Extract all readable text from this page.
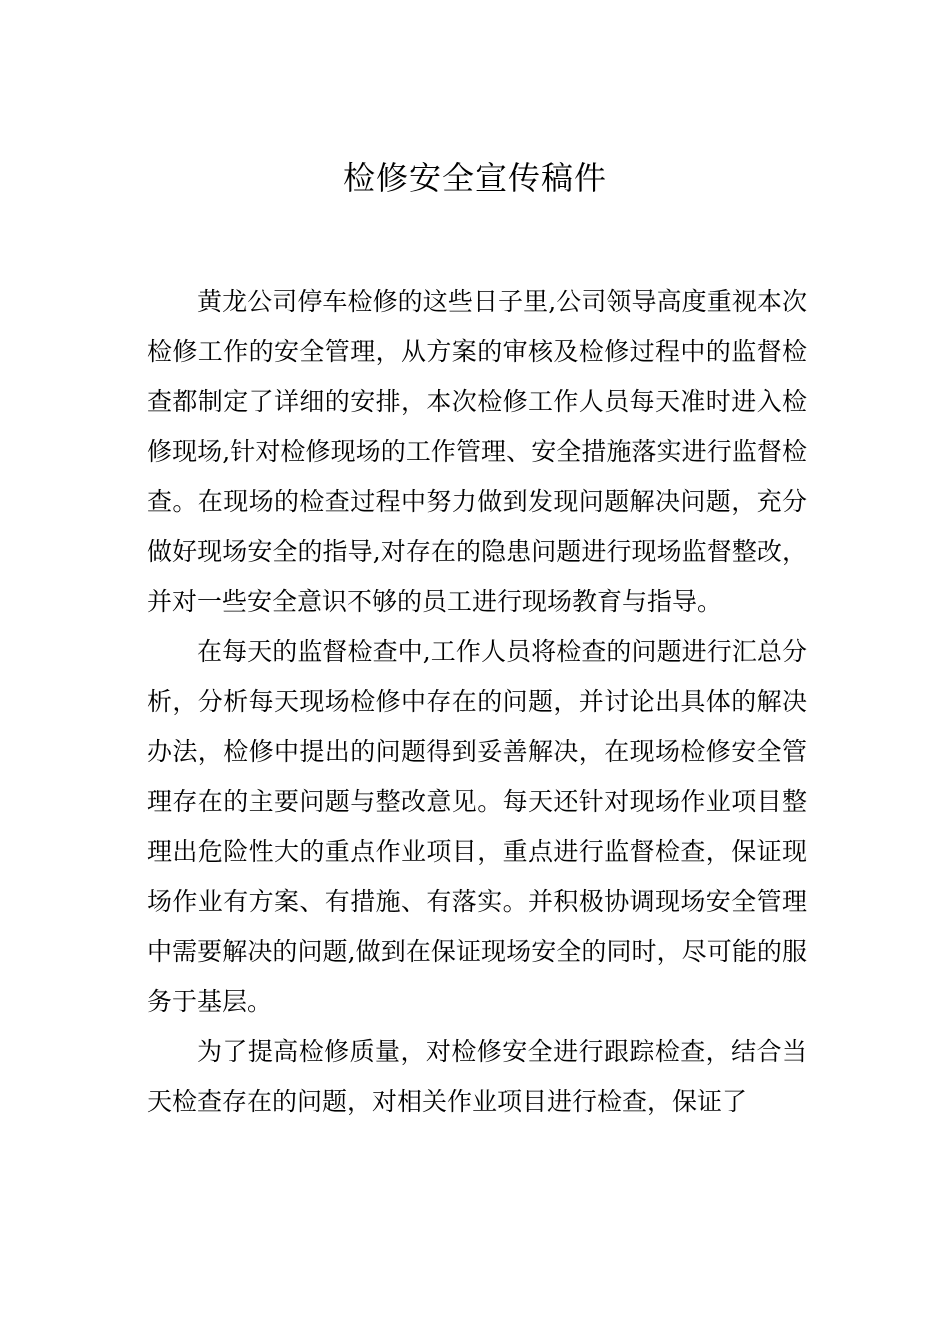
检修安全宣传稿件

黄龙公司停车检修的这些日子里,公司领导高度重视本次检修工作的安全管理，从方案的审核及检修过程中的监督检查都制定了详细的安排，本次检修工作人员每天准时进入检修现场,针对检修现场的工作管理、安全措施落实进行监督检查。在现场的检查过程中努力做到发现问题解决问题，充分做好现场安全的指导,对存在的隐患问题进行现场监督整改，并对一些安全意识不够的员工进行现场教育与指导。

在每天的监督检查中,工作人员将检查的问题进行汇总分析，分析每天现场检修中存在的问题，并讨论出具体的解决办法，检修中提出的问题得到妥善解决，在现场检修安全管理存在的主要问题与整改意见。每天还针对现场作业项目整理出危险性大的重点作业项目，重点进行监督检查，保证现场作业有方案、有措施、有落实。并积极协调现场安全管理中需要解决的问题,做到在保证现场安全的同时，尽可能的服务于基层。

为了提高检修质量，对检修安全进行跟踪检查，结合当天检查存在的问题，对相关作业项目进行检查，保证了
